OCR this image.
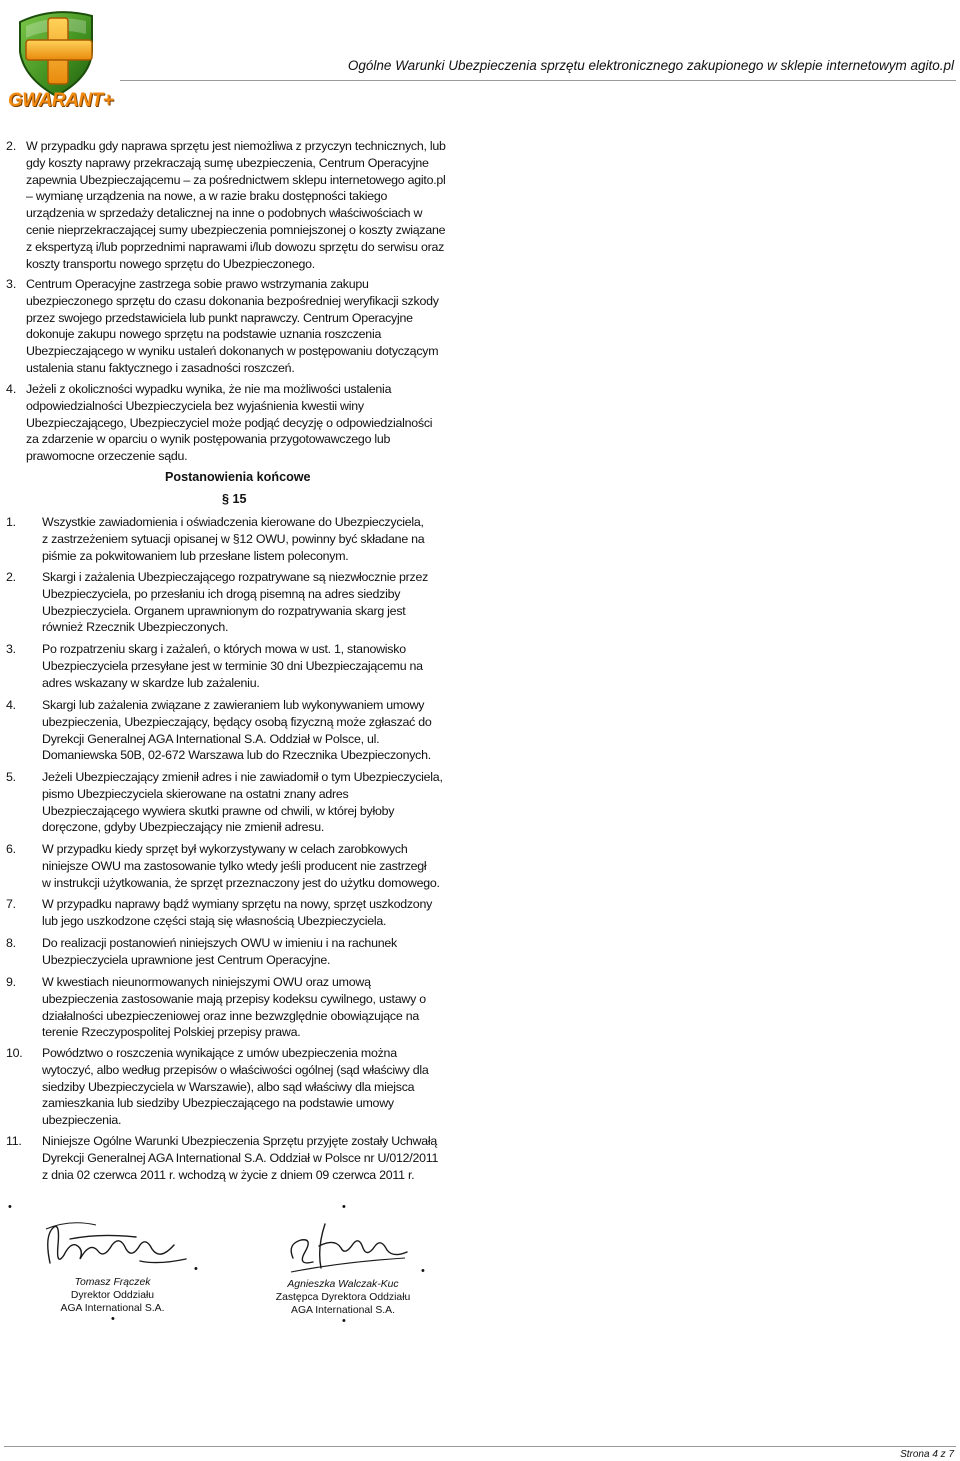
GWARANT+
Ogólne Warunki Ubezpieczenia sprzętu elektronicznego zakupionego w sklepie internetowym agito.pl
2. W przypadku gdy naprawa sprzętu jest niemożliwa z przyczyn technicznych, lub
gdy koszty naprawy przekraczają sumę ubezpieczenia, Centrum Operacyjne
zapewnia Ubezpieczającemu – za pośrednictwem sklepu internetowego agito.pl
– wymianę urządzenia na nowe, a w razie braku dostępności takiego
urządzenia w sprzedaży detalicznej na inne o podobnych właściwościach w
cenie nieprzekraczającej sumy ubezpieczenia pomniejszonej o koszty związane
z ekspertyzą i/lub poprzednimi naprawami i/lub dowozu sprzętu do serwisu oraz
koszty transportu nowego sprzętu do Ubezpieczonego.
3. Centrum Operacyjne zastrzega sobie prawo wstrzymania zakupu
ubezpieczonego sprzętu do czasu dokonania bezpośredniej weryfikacji szkody
przez swojego przedstawiciela lub punkt naprawczy. Centrum Operacyjne
dokonuje zakupu nowego sprzętu na podstawie uznania roszczenia
Ubezpieczającego w wyniku ustaleń dokonanych w postępowaniu dotyczącym
ustalenia stanu faktycznego i zasadności roszczeń.
4. Jeżeli z okoliczności wypadku wynika, że nie ma możliwości ustalenia
odpowiedzialności Ubezpieczyciela bez wyjaśnienia kwestii winy
Ubezpieczającego, Ubezpieczyciel może podjąć decyzję o odpowiedzialności
za zdarzenie w oparciu o wynik postępowania przygotowawczego lub
prawomocne orzeczenie sądu.
Postanowienia końcowe
§ 15
1. Wszystkie zawiadomienia i oświadczenia kierowane do Ubezpieczyciela,
z zastrzeżeniem sytuacji opisanej w §12 OWU, powinny być składane na
piśmie za pokwitowaniem lub przesłane listem poleconym.
2. Skargi i zażalenia Ubezpieczającego rozpatrywane są niezwłocznie przez
Ubezpieczyciela, po przesłaniu ich drogą pisemną na adres siedziby
Ubezpieczyciela. Organem uprawnionym do rozpatrywania skarg jest
również Rzecznik Ubezpieczonych.
3. Po rozpatrzeniu skarg i zażaleń, o których mowa w ust. 1, stanowisko
Ubezpieczyciela przesyłane jest w terminie 30 dni Ubezpieczającemu na
adres wskazany w skardze lub zażaleniu.
4. Skargi lub zażalenia związane z zawieraniem lub wykonywaniem umowy
ubezpieczenia, Ubezpieczający, będący osobą fizyczną może zgłaszać do
Dyrekcji Generalnej AGA International S.A. Oddział w Polsce, ul.
Domaniewska 50B, 02-672 Warszawa lub do Rzecznika Ubezpieczonych.
5. Jeżeli Ubezpieczający zmienił adres i nie zawiadomił o tym Ubezpieczyciela,
pismo Ubezpieczyciela skierowane na ostatni znany adres
Ubezpieczającego wywiera skutki prawne od chwili, w której byłoby
doręczone, gdyby Ubezpieczający nie zmienił adresu.
6. W przypadku kiedy sprzęt był wykorzystywany w celach zarobkowych
niniejsze OWU ma zastosowanie tylko wtedy jeśli producent nie zastrzegł
w instrukcji użytkowania, że sprzęt przeznaczony jest do użytku domowego.
7. W przypadku naprawy bądź wymiany sprzętu na nowy, sprzęt uszkodzony
lub jego uszkodzone części stają się własnością Ubezpieczyciela.
8. Do realizacji postanowień niniejszych OWU w imieniu i na rachunek
Ubezpieczyciela uprawnione jest Centrum Operacyjne.
9. W kwestiach nieunormowanych niniejszymi OWU oraz umową
ubezpieczenia zastosowanie mają przepisy kodeksu cywilnego, ustawy o
działalności ubezpieczeniowej oraz inne bezwzględnie obowiązujące na
terenie Rzeczypospolitej Polskiej przepisy prawa.
10. Powództwo o roszczenia wynikające z umów ubezpieczenia można
wytoczyć, albo według przepisów o właściwości ogólnej (sąd właściwy dla
siedziby Ubezpieczyciela w Warszawie), albo sąd właściwy dla miejsca
zamieszkania lub siedziby Ubezpieczającego na podstawie umowy
ubezpieczenia.
11. Niniejsze Ogólne Warunki Ubezpieczenia Sprzętu przyjęte zostały Uchwałą
Dyrekcji Generalnej AGA International S.A. Oddział w Polsce nr U/012/2011
z dnia 02 czerwca 2011 r. wchodzą w życie z dniem 09 czerwca 2011 r.
•	•
•	•
•	•
Tomasz Frączek
Dyrektor Oddziału
AGA International S.A.
Agnieszka Walczak-Kuc
Zastępca Dyrektora Oddziału
AGA International S.A.
Strona 4 z 7
